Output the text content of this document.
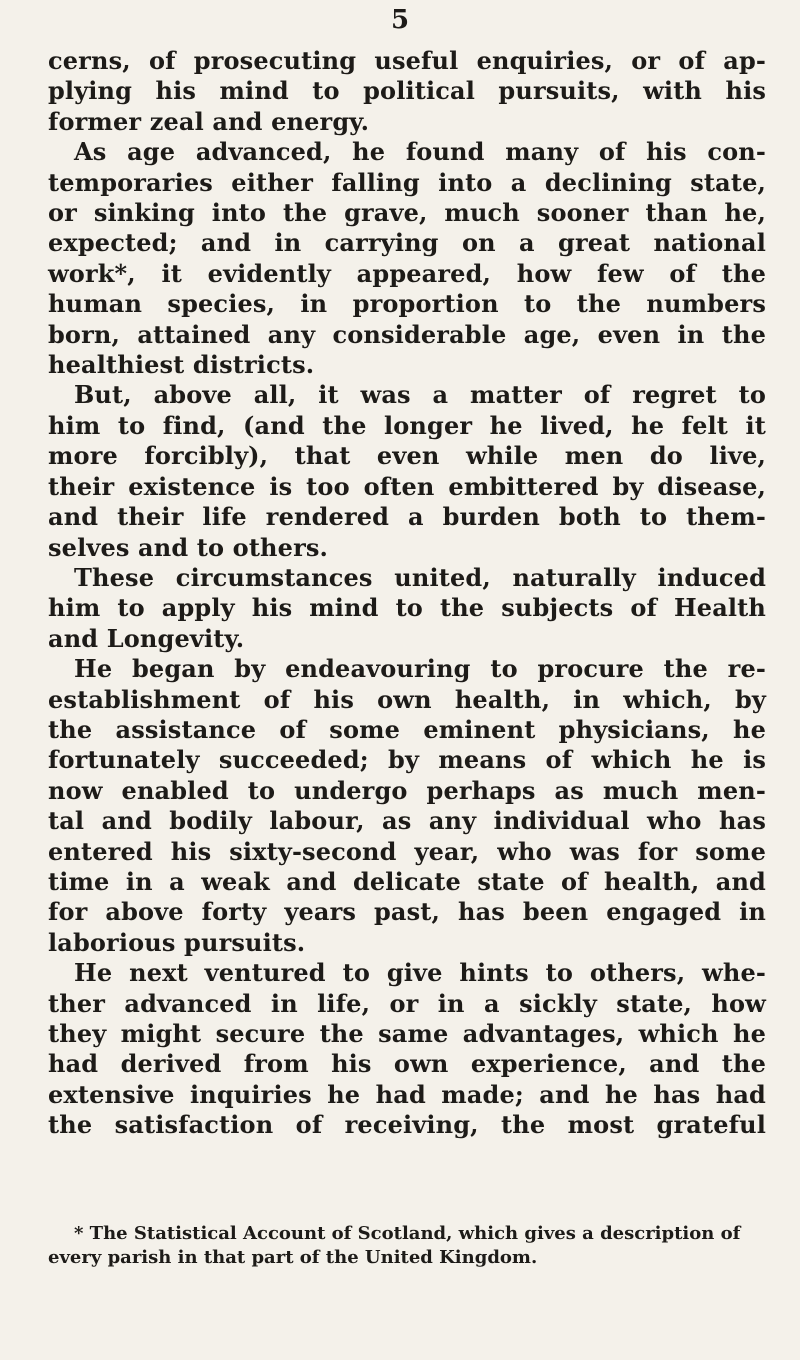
5

cerns, of prosecuting useful enquiries, or of ap-
plying his mind to political pursuits, with his
former zeal and energy.

As age advanced, he found many of his con-
temporaries either falling into a declining state,
or sinking into the grave, much sooner than he,
expected; and in carrying on a great national
work*, it evidently appeared, how few of the
human species, in proportion to the numbers
born, attained any considerable age, even in the
healthiest districts.

But, above all, it was a matter of regret to
him to find, (and the longer he lived, he felt it
more forcibly), that even while men do live,
their existence is too often embittered by disease,
and their life rendered a burden both to them-
selves and to others.

These circumstances united, naturally induced
him to apply his mind to the subjects of Health
and Longevity.

He began by endeavouring to procure the re-
establishment of his own health, in which, by
the assistance of some eminent physicians, he
fortunately succeeded; by means of which he is
now enabled to undergo perhaps as much men-
tal and bodily labour, as any individual who has
entered his sixty-second year, who was for some
time in a weak and delicate state of health, and
for above forty years past, has been engaged in
laborious pursuits.

He next ventured to give hints to others, whe-
ther advanced in life, or in a sickly state, how
they might secure the same advantages, which he
had derived from his own experience, and the
extensive inquiries he had made; and he has had
the satisfaction of receiving, the most grateful

* The Statistical Account of Scotland, which gives a description of
every parish in that part of the United Kingdom.
